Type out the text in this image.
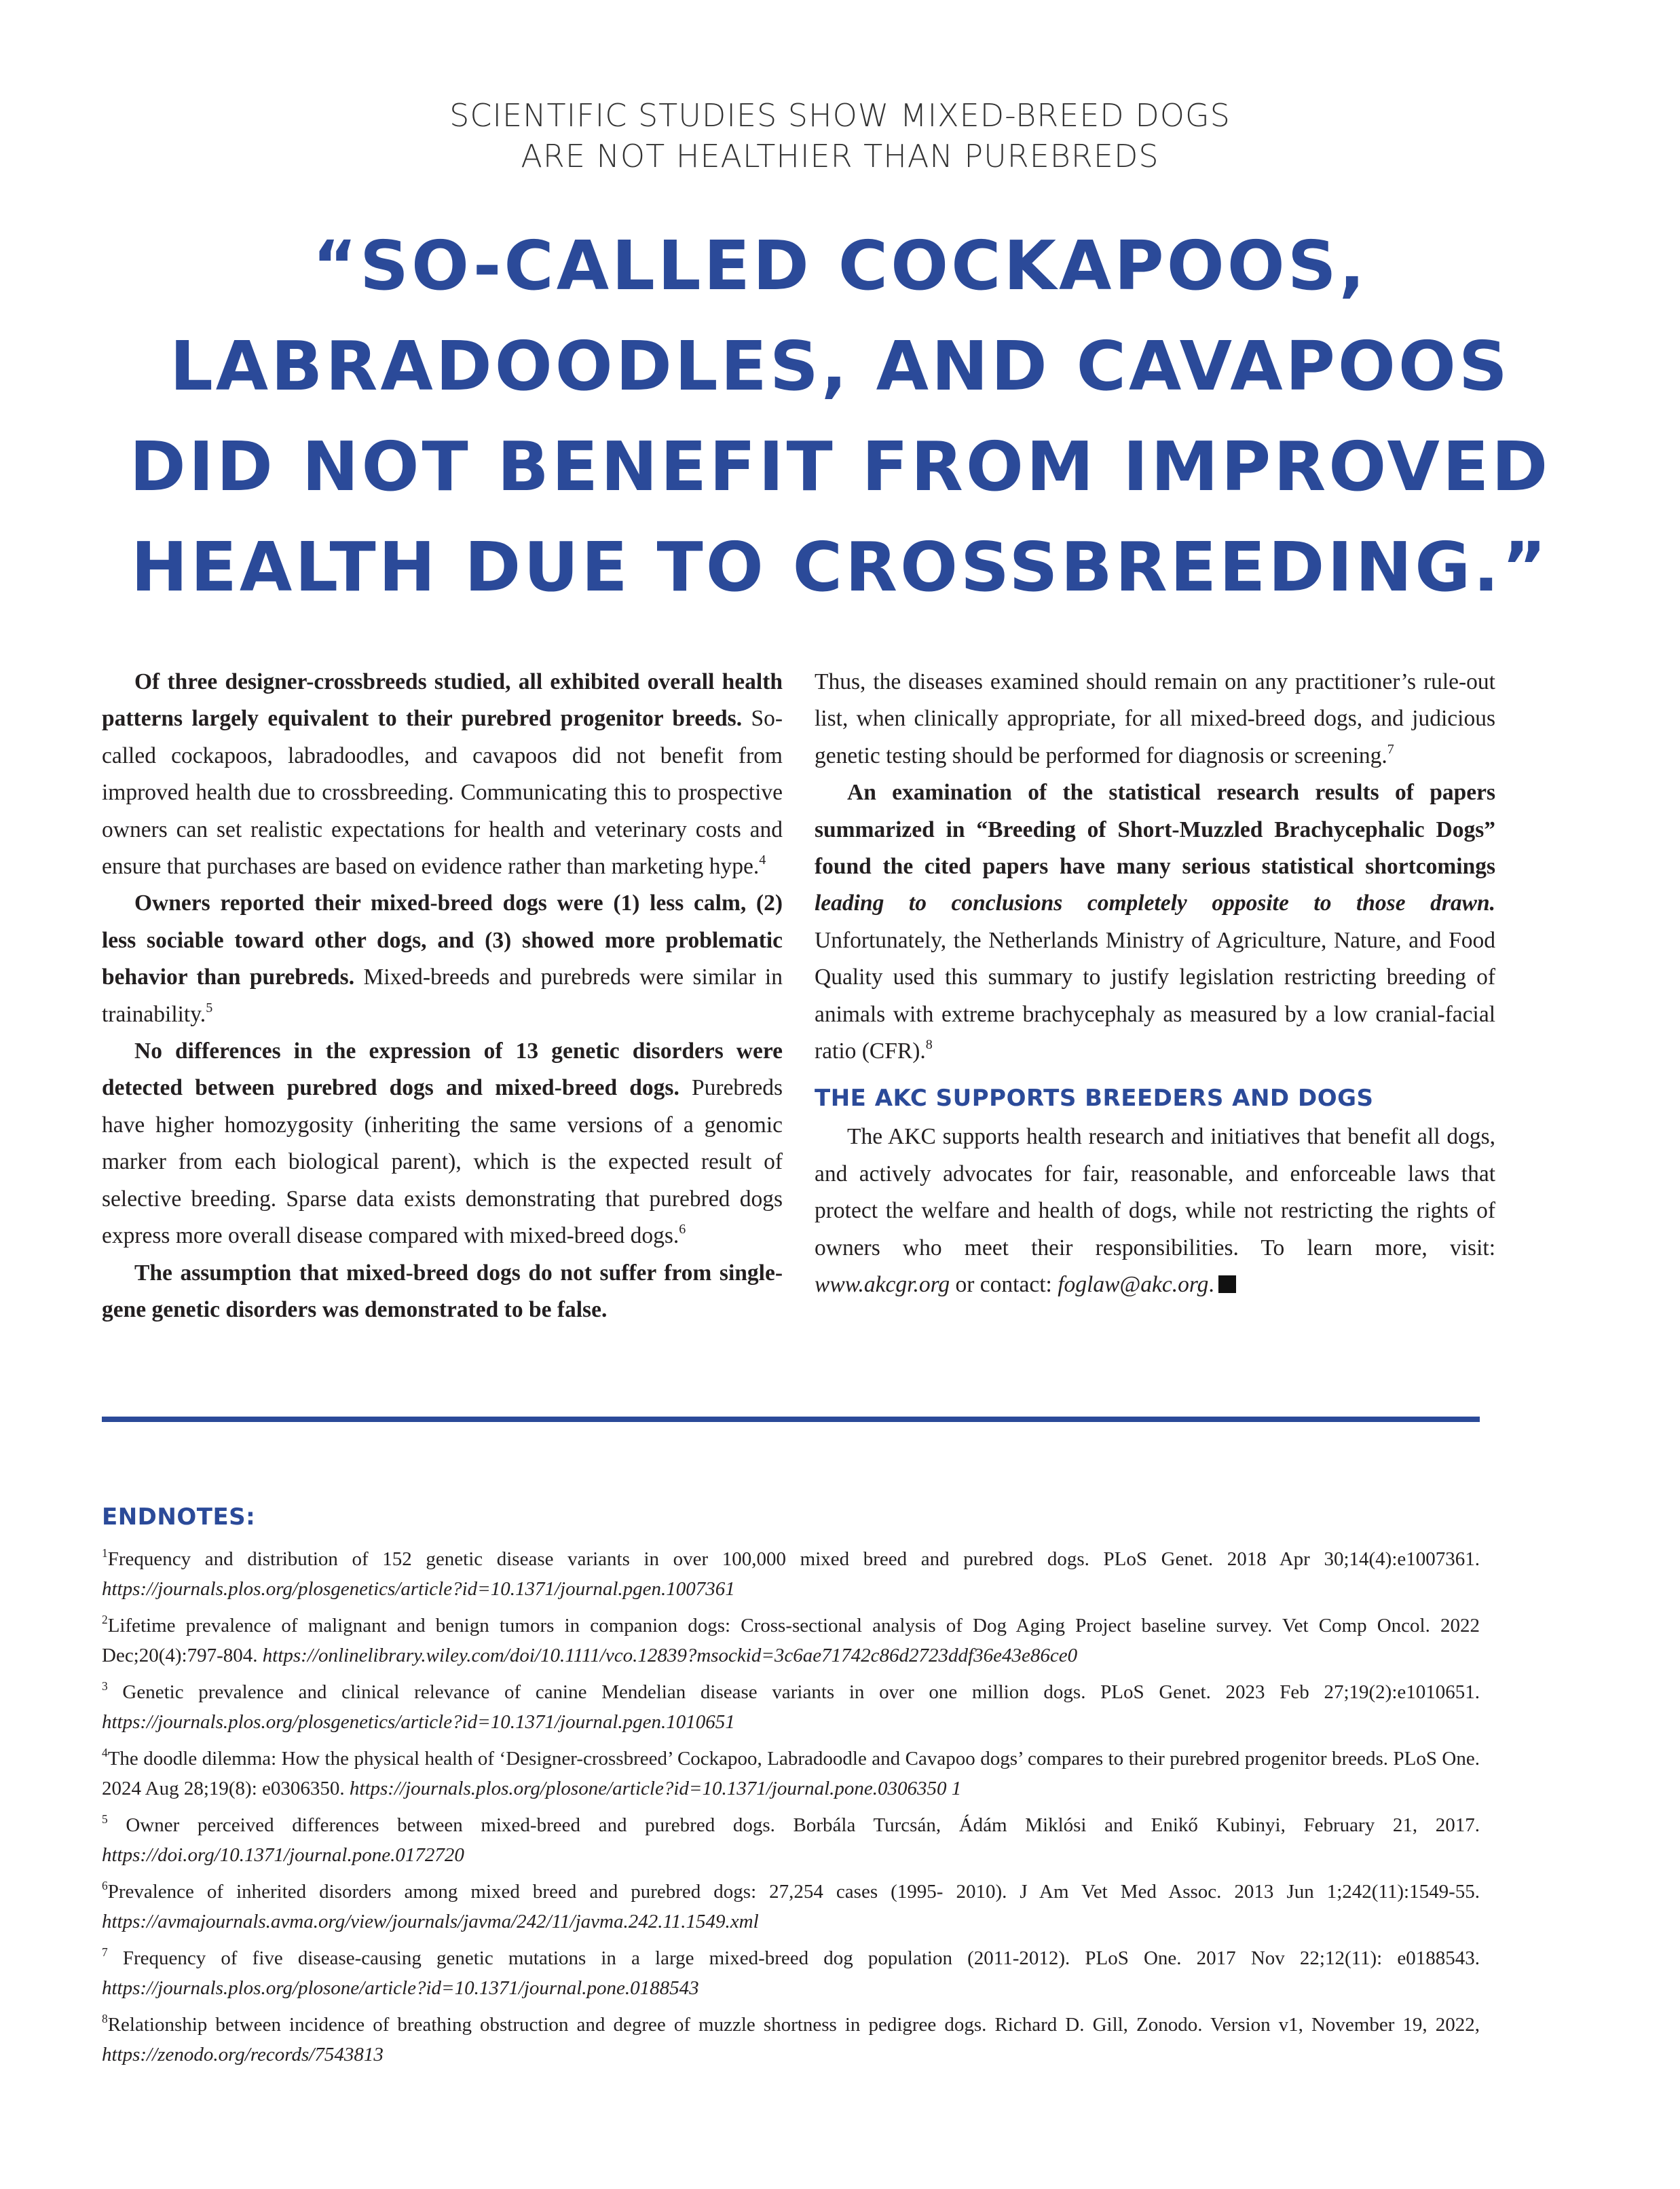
SCIENTIFIC STUDIES SHOW MIXED-BREED DOGS
ARE NOT HEALTHIER THAN PUREBREDS
“SO-CALLED COCKAPOOS,
LABRADOODLES, AND CAVAPOOS
DID NOT BENEFIT FROM IMPROVED
HEALTH DUE TO CROSSBREEDING.”

Of three designer-crossbreeds studied, all exhibited overall health patterns largely equivalent to their purebred progenitor breeds. So-called cockapoos, labradoodles, and cavapoos did not benefit from improved health due to crossbreeding. Communicating this to prospective owners can set realistic expectations for health and veterinary costs and ensure that purchases are based on evidence rather than marketing hype.$^4$

Owners reported their mixed-breed dogs were (1) less calm, (2) less sociable toward other dogs, and (3) showed more problematic behavior than purebreds. Mixed-breeds and purebreds were similar in trainability.$^5$

No differences in the expression of 13 genetic disorders were detected between purebred dogs and mixed-breed dogs. Purebreds have higher homozygosity (inheriting the same versions of a genomic marker from each biological parent), which is the expected result of selective breeding. Sparse data exists demonstrating that purebred dogs express more overall disease compared with mixed-breed dogs.$^6$

The assumption that mixed-breed dogs do not suffer from single-gene genetic disorders was demonstrated to be false.

Thus, the diseases examined should remain on any practitioner’s rule-out list, when clinically appropriate, for all mixed-breed dogs, and judicious genetic testing should be performed for diagnosis or screening.$^7$

An examination of the statistical research results of papers summarized in “Breeding of Short-Muzzled Brachycephalic Dogs” found the cited papers have many serious statistical shortcomings leading to conclusions completely opposite to those drawn. Unfortunately, the Netherlands Ministry of Agriculture, Nature, and Food Quality used this summary to justify legislation restricting breeding of animals with extreme brachycephaly as measured by a low cranial-facial ratio (CFR).$^8$

THE AKC SUPPORTS BREEDERS AND DOGS

The AKC supports health research and initiatives that benefit all dogs, and actively advocates for fair, reasonable, and enforceable laws that protect the welfare and health of dogs, while not restricting the rights of owners who meet their responsibilities. To learn more, visit: www.akcgr.org or contact: foglaw@akc.org.

ENDNOTES:
$^1$Frequency and distribution of 152 genetic disease variants in over 100,000 mixed breed and purebred dogs. PLoS Genet. 2018 Apr 30;14(4):e1007361. https://journals.plos.org/plosgenetics/article?id=10.1371/journal.pgen.1007361
$^2$Lifetime prevalence of malignant and benign tumors in companion dogs: Cross-sectional analysis of Dog Aging Project baseline survey. Vet Comp Oncol. 2022 Dec;20(4):797-804. https://onlinelibrary.wiley.com/doi/10.1111/vco.12839?msockid=3c6ae71742c86d2723ddf36e43e86ce0
$^3$ Genetic prevalence and clinical relevance of canine Mendelian disease variants in over one million dogs. PLoS Genet. 2023 Feb 27;19(2):e1010651. https://journals.plos.org/plosgenetics/article?id=10.1371/journal.pgen.1010651
$^4$The doodle dilemma: How the physical health of ‘Designer-crossbreed’ Cockapoo, Labradoodle and Cavapoo dogs’ compares to their purebred progenitor breeds. PLoS One. 2024 Aug 28;19(8): e0306350. https://journals.plos.org/plosone/article?id=10.1371/journal.pone.0306350 1
$^5$ Owner perceived differences between mixed-breed and purebred dogs. Borbála Turcsán, Ádám Miklósi and Enikő Kubinyi, February 21, 2017. https://doi.org/10.1371/journal.pone.0172720
$^6$Prevalence of inherited disorders among mixed breed and purebred dogs: 27,254 cases (1995- 2010). J Am Vet Med Assoc. 2013 Jun 1;242(11):1549-55. https://avmajournals.avma.org/view/journals/javma/242/11/javma.242.11.1549.xml
$^7$ Frequency of five disease-causing genetic mutations in a large mixed-breed dog population (2011-2012). PLoS One. 2017 Nov 22;12(11): e0188543. https://journals.plos.org/plosone/article?id=10.1371/journal.pone.0188543
$^8$Relationship between incidence of breathing obstruction and degree of muzzle shortness in pedigree dogs. Richard D. Gill, Zonodo. Version v1, November 19, 2022, https://zenodo.org/records/7543813
